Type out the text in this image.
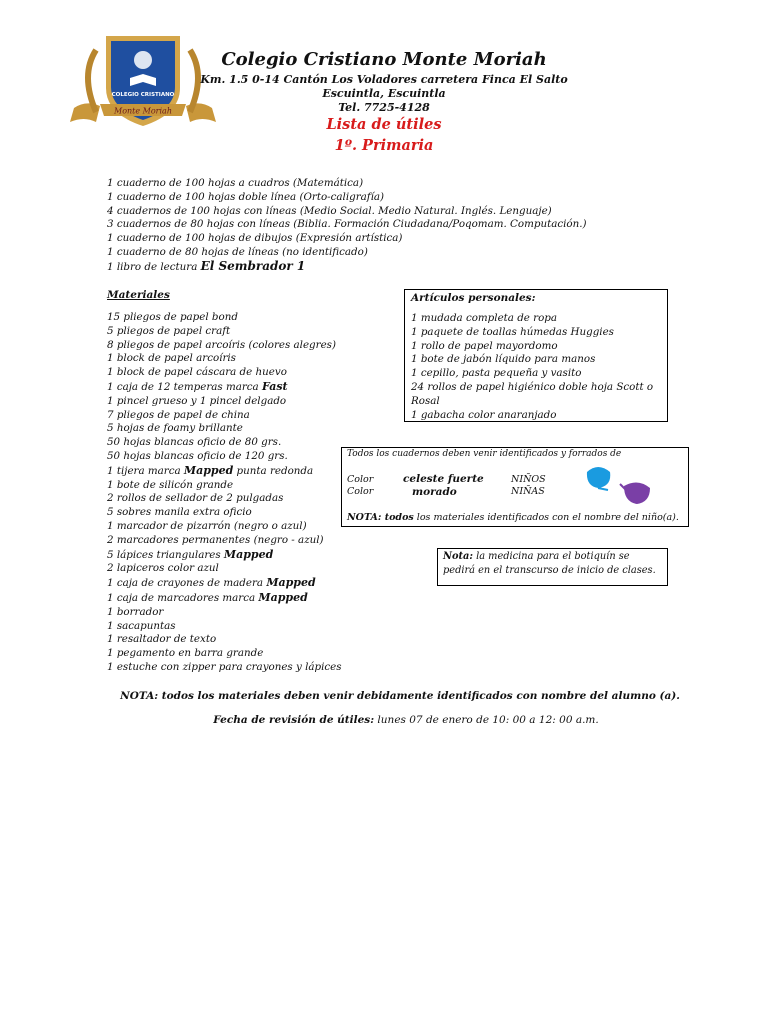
COLEGIO CRISTIANO
Monte Moriah
Colegio Cristiano Monte Moriah
Km. 1.5 0-14 Cantón Los Voladores carretera Finca El Salto
Escuintla, Escuintla
Tel. 7725-4128
Lista de útiles
1º. Primaria
1 cuaderno de 100 hojas a cuadros (Matemática)
1 cuaderno de 100 hojas doble línea (Orto-caligrafía)
4 cuadernos de 100 hojas con líneas (Medio Social. Medio Natural. Inglés. Lenguaje)
3 cuadernos de 80 hojas con líneas (Biblia. Formación Ciudadana/Poqomam. Computación.)
1 cuaderno de 100 hojas de dibujos (Expresión artística)
1 cuaderno de 80 hojas de líneas (no identificado)
1 libro de lectura El Sembrador 1
Materiales
15 pliegos de papel bond
5 pliegos de papel craft
8 pliegos de papel arcoíris (colores alegres)
1 block de papel arcoíris
1 block de papel cáscara de huevo
1 caja de 12 temperas marca Fast
1 pincel grueso y 1 pincel delgado
7 pliegos de papel de china
5 hojas de foamy brillante
50 hojas blancas oficio de 80 grs.
50 hojas blancas oficio de 120 grs.
1 tijera marca Mapped punta redonda
1 bote de silicón grande
2 rollos de sellador de 2 pulgadas
5 sobres manila extra oficio
1 marcador de pizarrón (negro o azul)
2 marcadores permanentes (negro - azul)
5 lápices triangulares Mapped
2 lapiceros color azul
1 caja de crayones de madera Mapped
1 caja de marcadores marca Mapped
1 borrador
1 sacapuntas
1 resaltador de texto
1 pegamento en barra grande
1 estuche con zipper para crayones y lápices
Artículos personales:
1 mudada completa de ropa
1 paquete de toallas húmedas Huggies
1 rollo de papel mayordomo
1 bote de jabón líquido para manos
1 cepillo, pasta pequeña y vasito
24 rollos de papel higiénico doble hoja Scott o
Rosal
1 gabacha color anaranjado
Todos los cuadernos deben venir identificados y forrados de
Color	celeste fuerte	NIÑOS
Color	morado	NIÑAS
NOTA: todos los materiales identificados con el nombre del niño(a).
Nota: la medicina para el botiquín se
pedirá en el transcurso de inicio de clases.
NOTA: todos los materiales deben venir debidamente identificados con nombre del alumno (a).
Fecha de revisión de útiles: lunes 07 de enero de 10: 00 a 12: 00 a.m.
